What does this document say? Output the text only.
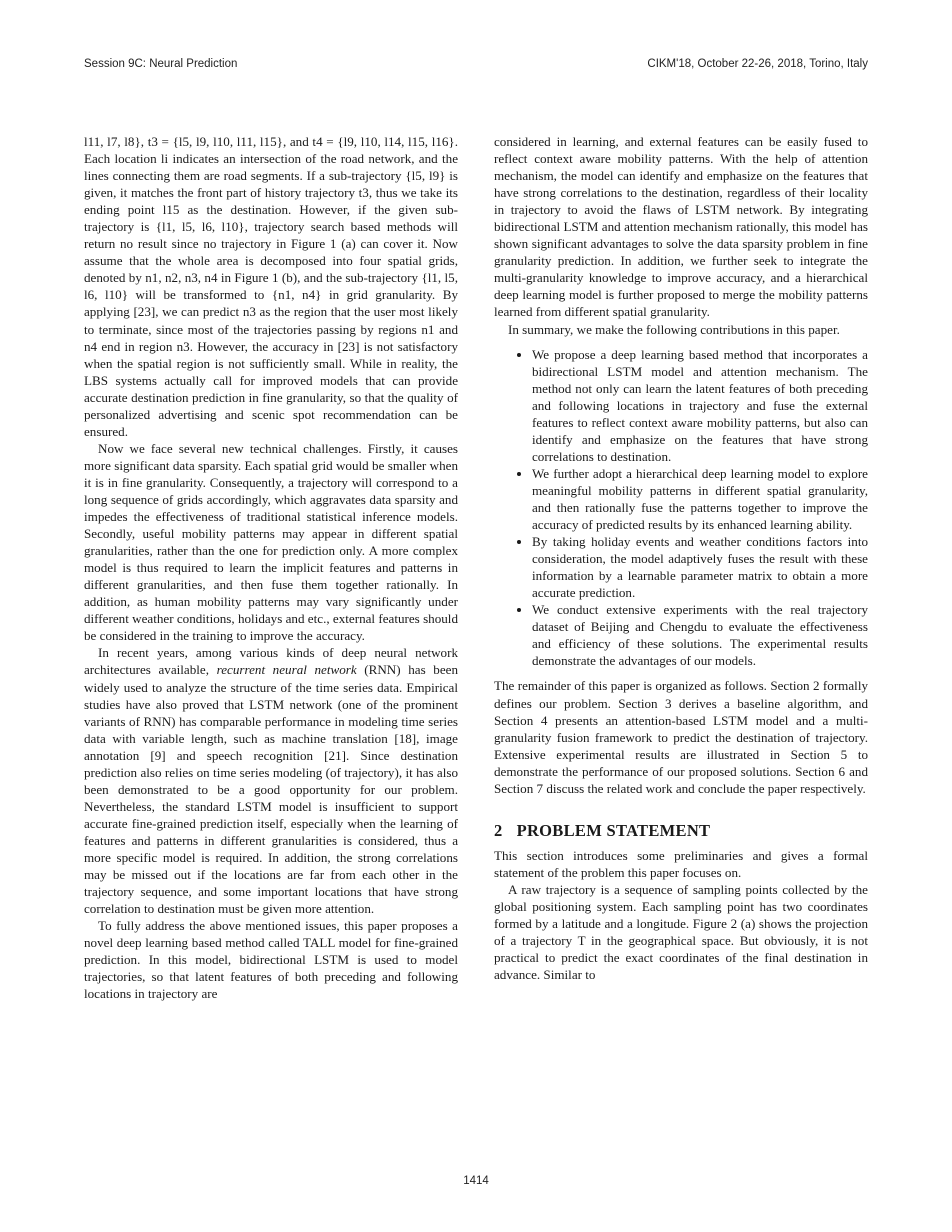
Session 9C: Neural Prediction	CIKM'18, October 22-26, 2018, Torino, Italy

l11, l7, l8}, t3 = {l5, l9, l10, l11, l15}, and t4 = {l9, l10, l14, l15, l16}. Each location li indicates an intersection of the road network, and the lines connecting them are road segments. If a sub-trajectory {l5, l9} is given, it matches the front part of history trajectory t3, thus we take its ending point l15 as the destination. However, if the given sub-trajectory is {l1, l5, l6, l10}, trajectory search based methods will return no result since no trajectory in Figure 1 (a) can cover it. Now assume that the whole area is decomposed into four spatial grids, denoted by n1, n2, n3, n4 in Figure 1 (b), and the sub-trajectory {l1, l5, l6, l10} will be transformed to {n1, n4} in grid granularity. By applying [23], we can predict n3 as the region that the user most likely to terminate, since most of the trajectories passing by regions n1 and n4 end in region n3. However, the accuracy in [23] is not satisfactory when the spatial region is not sufficiently small. While in reality, the LBS systems actually call for improved models that can provide accurate destination prediction in fine granularity, so that the quality of personalized advertising and scenic spot recommendation can be ensured.

Now we face several new technical challenges. Firstly, it causes more significant data sparsity. Each spatial grid would be smaller when it is in fine granularity. Consequently, a trajectory will correspond to a long sequence of grids accordingly, which aggravates data sparsity and impedes the effectiveness of traditional statistical inference models. Secondly, useful mobility patterns may appear in different spatial granularities, rather than the one for prediction only. A more complex model is thus required to learn the implicit features and patterns in different granularities, and then fuse them together rationally. In addition, as human mobility patterns may vary significantly under different weather conditions, holidays and etc., external features should be considered in the training to improve the accuracy.

In recent years, among various kinds of deep neural network architectures available, recurrent neural network (RNN) has been widely used to analyze the structure of the time series data. Empirical studies have also proved that LSTM network (one of the prominent variants of RNN) has comparable performance in modeling time series data with variable length, such as machine translation [18], image annotation [9] and speech recognition [21]. Since destination prediction also relies on time series modeling (of trajectory), it has also been demonstrated to be a good opportunity for our problem. Nevertheless, the standard LSTM model is insufficient to support accurate fine-grained prediction itself, especially when the learning of features and patterns in different granularities is considered, thus a more specific model is required. In addition, the strong correlations may be missed out if the locations are far from each other in the trajectory sequence, and some important locations that have strong correlation to destination must be given more attention.

To fully address the above mentioned issues, this paper proposes a novel deep learning based method called TALL model for fine-grained prediction. In this model, bidirectional LSTM is used to model trajectories, so that latent features of both preceding and following locations in trajectory are

considered in learning, and external features can be easily fused to reflect context aware mobility patterns. With the help of attention mechanism, the model can identify and emphasize on the features that have strong correlations to the destination, regardless of their locality in trajectory to avoid the flaws of LSTM network. By integrating bidirectional LSTM and attention mechanism rationally, this model has shown significant advantages to solve the data sparsity problem in fine granularity prediction. In addition, we further seek to integrate the multi-granularity knowledge to improve accuracy, and a hierarchical deep learning model is further proposed to merge the mobility patterns learned from different spatial granularity.

In summary, we make the following contributions in this paper.

• We propose a deep learning based method that incorporates a bidirectional LSTM model and attention mechanism. The method not only can learn the latent features of both preceding and following locations in trajectory and fuse the external features to reflect context aware mobility patterns, but also can identify and emphasize on the features that have strong correlations to destination.
• We further adopt a hierarchical deep learning model to explore meaningful mobility patterns in different spatial granularity, and then rationally fuse the patterns together to improve the accuracy of predicted results by its enhanced learning ability.
• By taking holiday events and weather conditions factors into consideration, the model adaptively fuses the result with these information by a learnable parameter matrix to obtain a more accurate prediction.
• We conduct extensive experiments with the real trajectory dataset of Beijing and Chengdu to evaluate the effectiveness and efficiency of these solutions. The experimental results demonstrate the advantages of our models.

The remainder of this paper is organized as follows. Section 2 formally defines our problem. Section 3 derives a baseline algorithm, and Section 4 presents an attention-based LSTM model and a multi-granularity fusion framework to predict the destination of trajectory. Extensive experimental results are illustrated in Section 5 to demonstrate the performance of our proposed solutions. Section 6 and Section 7 discuss the related work and conclude the paper respectively.

2 PROBLEM STATEMENT

This section introduces some preliminaries and gives a formal statement of the problem this paper focuses on.

A raw trajectory is a sequence of sampling points collected by the global positioning system. Each sampling point has two coordinates formed by a latitude and a longitude. Figure 2 (a) shows the projection of a trajectory T in the geographical space. But obviously, it is not practical to predict the exact coordinates of the final destination in advance. Similar to

1414
